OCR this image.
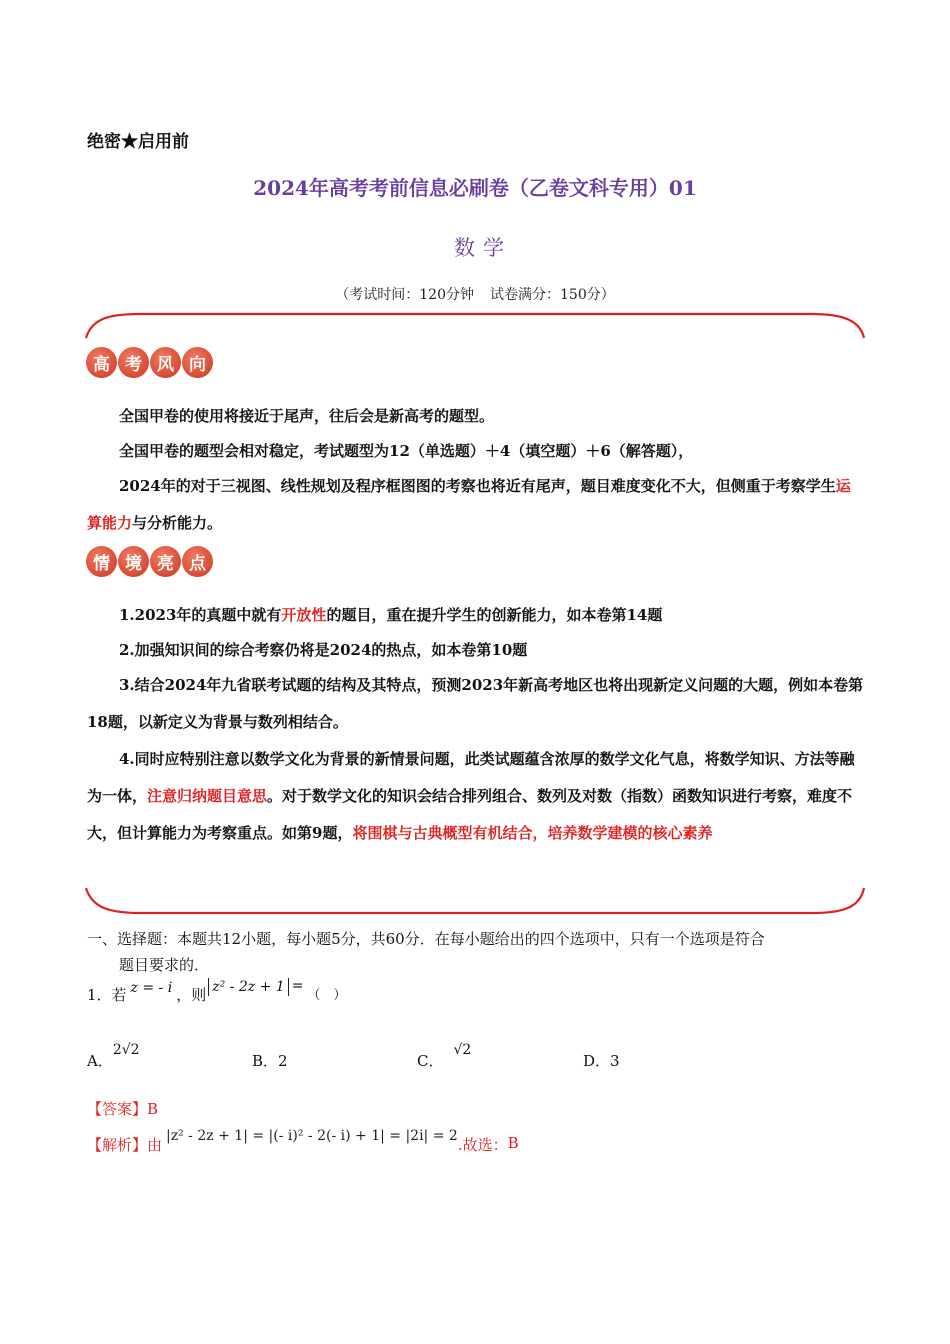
绝密★启用前
2024年高考考前信息必刷卷（乙卷文科专用）01
数学
（考试时间：120分钟 试卷满分：150分）
高 考 风 向
全国甲卷的使用将接近于尾声，往后会是新高考的题型。
全国甲卷的题型会相对稳定，考试题型为12（单选题）＋4（填空题）＋6（解答题），
2024年的对于三视图、线性规划及程序框图图的考察也将近有尾声，题目难度变化不大，但侧重于考察学生运算能力与分析能力。
情 境 亮 点
1.2023年的真题中就有开放性的题目，重在提升学生的创新能力，如本卷第14题
2.加强知识间的综合考察仍将是2024的热点，如本卷第10题
3.结合2024年九省联考试题的结构及其特点，预测2023年新高考地区也将出现新定义问题的大题，例如本卷第18题，以新定义为背景与数列相结合。
4.同时应特别注意以数学文化为背景的新情景问题，此类试题蕴含浓厚的数学文化气息，将数学知识、方法等融为一体，注意归纳题目意思。对于数学文化的知识会结合排列组合、数列及对数（指数）函数知识进行考察，难度不大，但计算能力为考察重点。如第9题，将围棋与古典概型有机结合，培养数学建模的核心素养
一、选择题：本题共12小题，每小题5分，共60分．在每小题给出的四个选项中，只有一个选项是符合
题目要求的．
1．若 z = - i ，则 z² - 2z + 1 =
（　）
A．2√2
B．2	C．√2
D．3
【答案】B
【解析】 由 |z² - 2z + 1| = |(- i)² - 2(- i) + 1| = |2i| = 2 .故选： B
